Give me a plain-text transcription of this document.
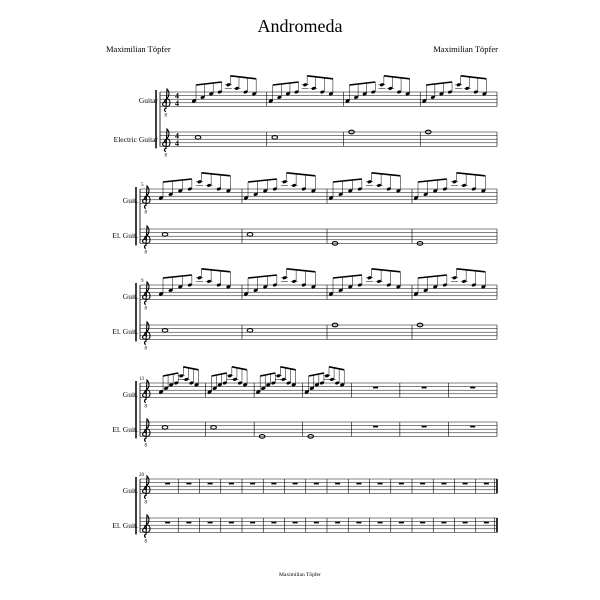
Andromeda
Maximilian Töpfer	Maximilian Töpfer
Guitar
Electric Guitar
Guit.
El. Guit.
Guit.
El. Guit.
Guit.
El. Guit.
Guit.
El. Guit.
5
9
13
20
8
8
4
4
4
4
8
8
8
8
8
8
8
8
Maximilian Töpfer
